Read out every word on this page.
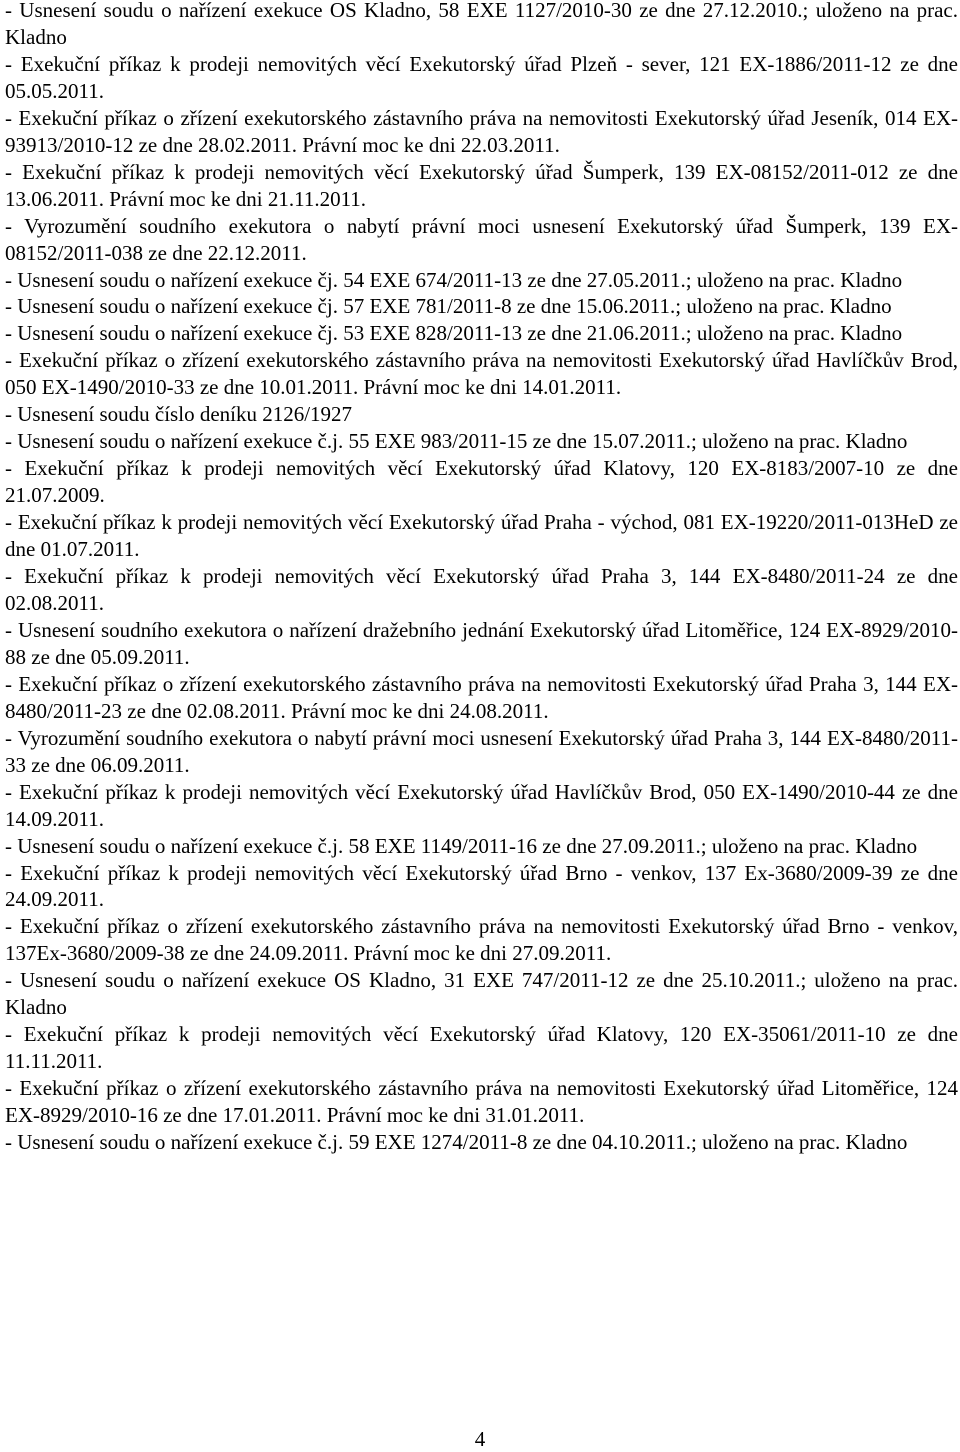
- Usnesení soudu o nařízení exekuce OS Kladno, 58 EXE 1127/2010-30 ze dne 27.12.2010.; uloženo na prac. Kladno

- Exekuční příkaz k prodeji nemovitých věcí Exekutorský úřad Plzeň - sever, 121 EX-1886/2011-12 ze dne 05.05.2011.

- Exekuční příkaz o zřízení exekutorského zástavního práva na nemovitosti Exekutorský úřad Jeseník, 014 EX-93913/2010-12 ze dne 28.02.2011. Právní moc ke dni 22.03.2011.

- Exekuční příkaz k prodeji nemovitých věcí Exekutorský úřad Šumperk, 139 EX-08152/2011-012 ze dne 13.06.2011. Právní moc ke dni 21.11.2011.

- Vyrozumění soudního exekutora o nabytí právní moci usnesení Exekutorský úřad Šumperk, 139 EX-08152/2011-038 ze dne 22.12.2011.

- Usnesení soudu o nařízení exekuce čj. 54 EXE 674/2011-13 ze dne 27.05.2011.; uloženo na prac. Kladno

- Usnesení soudu o nařízení exekuce čj. 57 EXE 781/2011-8 ze dne 15.06.2011.; uloženo na prac. Kladno

- Usnesení soudu o nařízení exekuce čj. 53 EXE 828/2011-13 ze dne 21.06.2011.; uloženo na prac. Kladno

- Exekuční příkaz o zřízení exekutorského zástavního práva na nemovitosti Exekutorský úřad Havlíčkův Brod, 050 EX-1490/2010-33 ze dne 10.01.2011. Právní moc ke dni 14.01.2011.

- Usnesení soudu číslo deníku 2126/1927

- Usnesení soudu o nařízení exekuce č.j. 55 EXE 983/2011-15 ze dne 15.07.2011.; uloženo na prac. Kladno

- Exekuční příkaz k prodeji nemovitých věcí Exekutorský úřad Klatovy, 120 EX-8183/2007-10 ze dne 21.07.2009.

- Exekuční příkaz k prodeji nemovitých věcí Exekutorský úřad Praha - východ, 081 EX-19220/2011-013HeD ze dne 01.07.2011.

- Exekuční příkaz k prodeji nemovitých věcí Exekutorský úřad Praha 3, 144 EX-8480/2011-24 ze dne 02.08.2011.

- Usnesení soudního exekutora o nařízení dražebního jednání Exekutorský úřad Litoměřice, 124 EX-8929/2010-88 ze dne 05.09.2011.

- Exekuční příkaz o zřízení exekutorského zástavního práva na nemovitosti Exekutorský úřad Praha 3, 144 EX-8480/2011-23 ze dne 02.08.2011. Právní moc ke dni 24.08.2011.

- Vyrozumění soudního exekutora o nabytí právní moci usnesení Exekutorský úřad Praha 3, 144 EX-8480/2011-33 ze dne 06.09.2011.

- Exekuční příkaz k prodeji nemovitých věcí Exekutorský úřad Havlíčkův Brod, 050 EX-1490/2010-44 ze dne 14.09.2011.

- Usnesení soudu o nařízení exekuce č.j. 58 EXE 1149/2011-16 ze dne 27.09.2011.; uloženo na prac. Kladno

- Exekuční příkaz k prodeji nemovitých věcí Exekutorský úřad Brno - venkov, 137 Ex-3680/2009-39 ze dne 24.09.2011.

- Exekuční příkaz o zřízení exekutorského zástavního práva na nemovitosti Exekutorský úřad Brno - venkov, 137Ex-3680/2009-38 ze dne 24.09.2011. Právní moc ke dni 27.09.2011.

- Usnesení soudu o nařízení exekuce OS Kladno, 31 EXE 747/2011-12 ze dne 25.10.2011.; uloženo na prac. Kladno

- Exekuční příkaz k prodeji nemovitých věcí Exekutorský úřad Klatovy, 120 EX-35061/2011-10 ze dne 11.11.2011.

- Exekuční příkaz o zřízení exekutorského zástavního práva na nemovitosti Exekutorský úřad Litoměřice, 124 EX-8929/2010-16 ze dne 17.01.2011. Právní moc ke dni 31.01.2011.

- Usnesení soudu o nařízení exekuce č.j. 59 EXE 1274/2011-8 ze dne 04.10.2011.; uloženo na prac. Kladno

4
